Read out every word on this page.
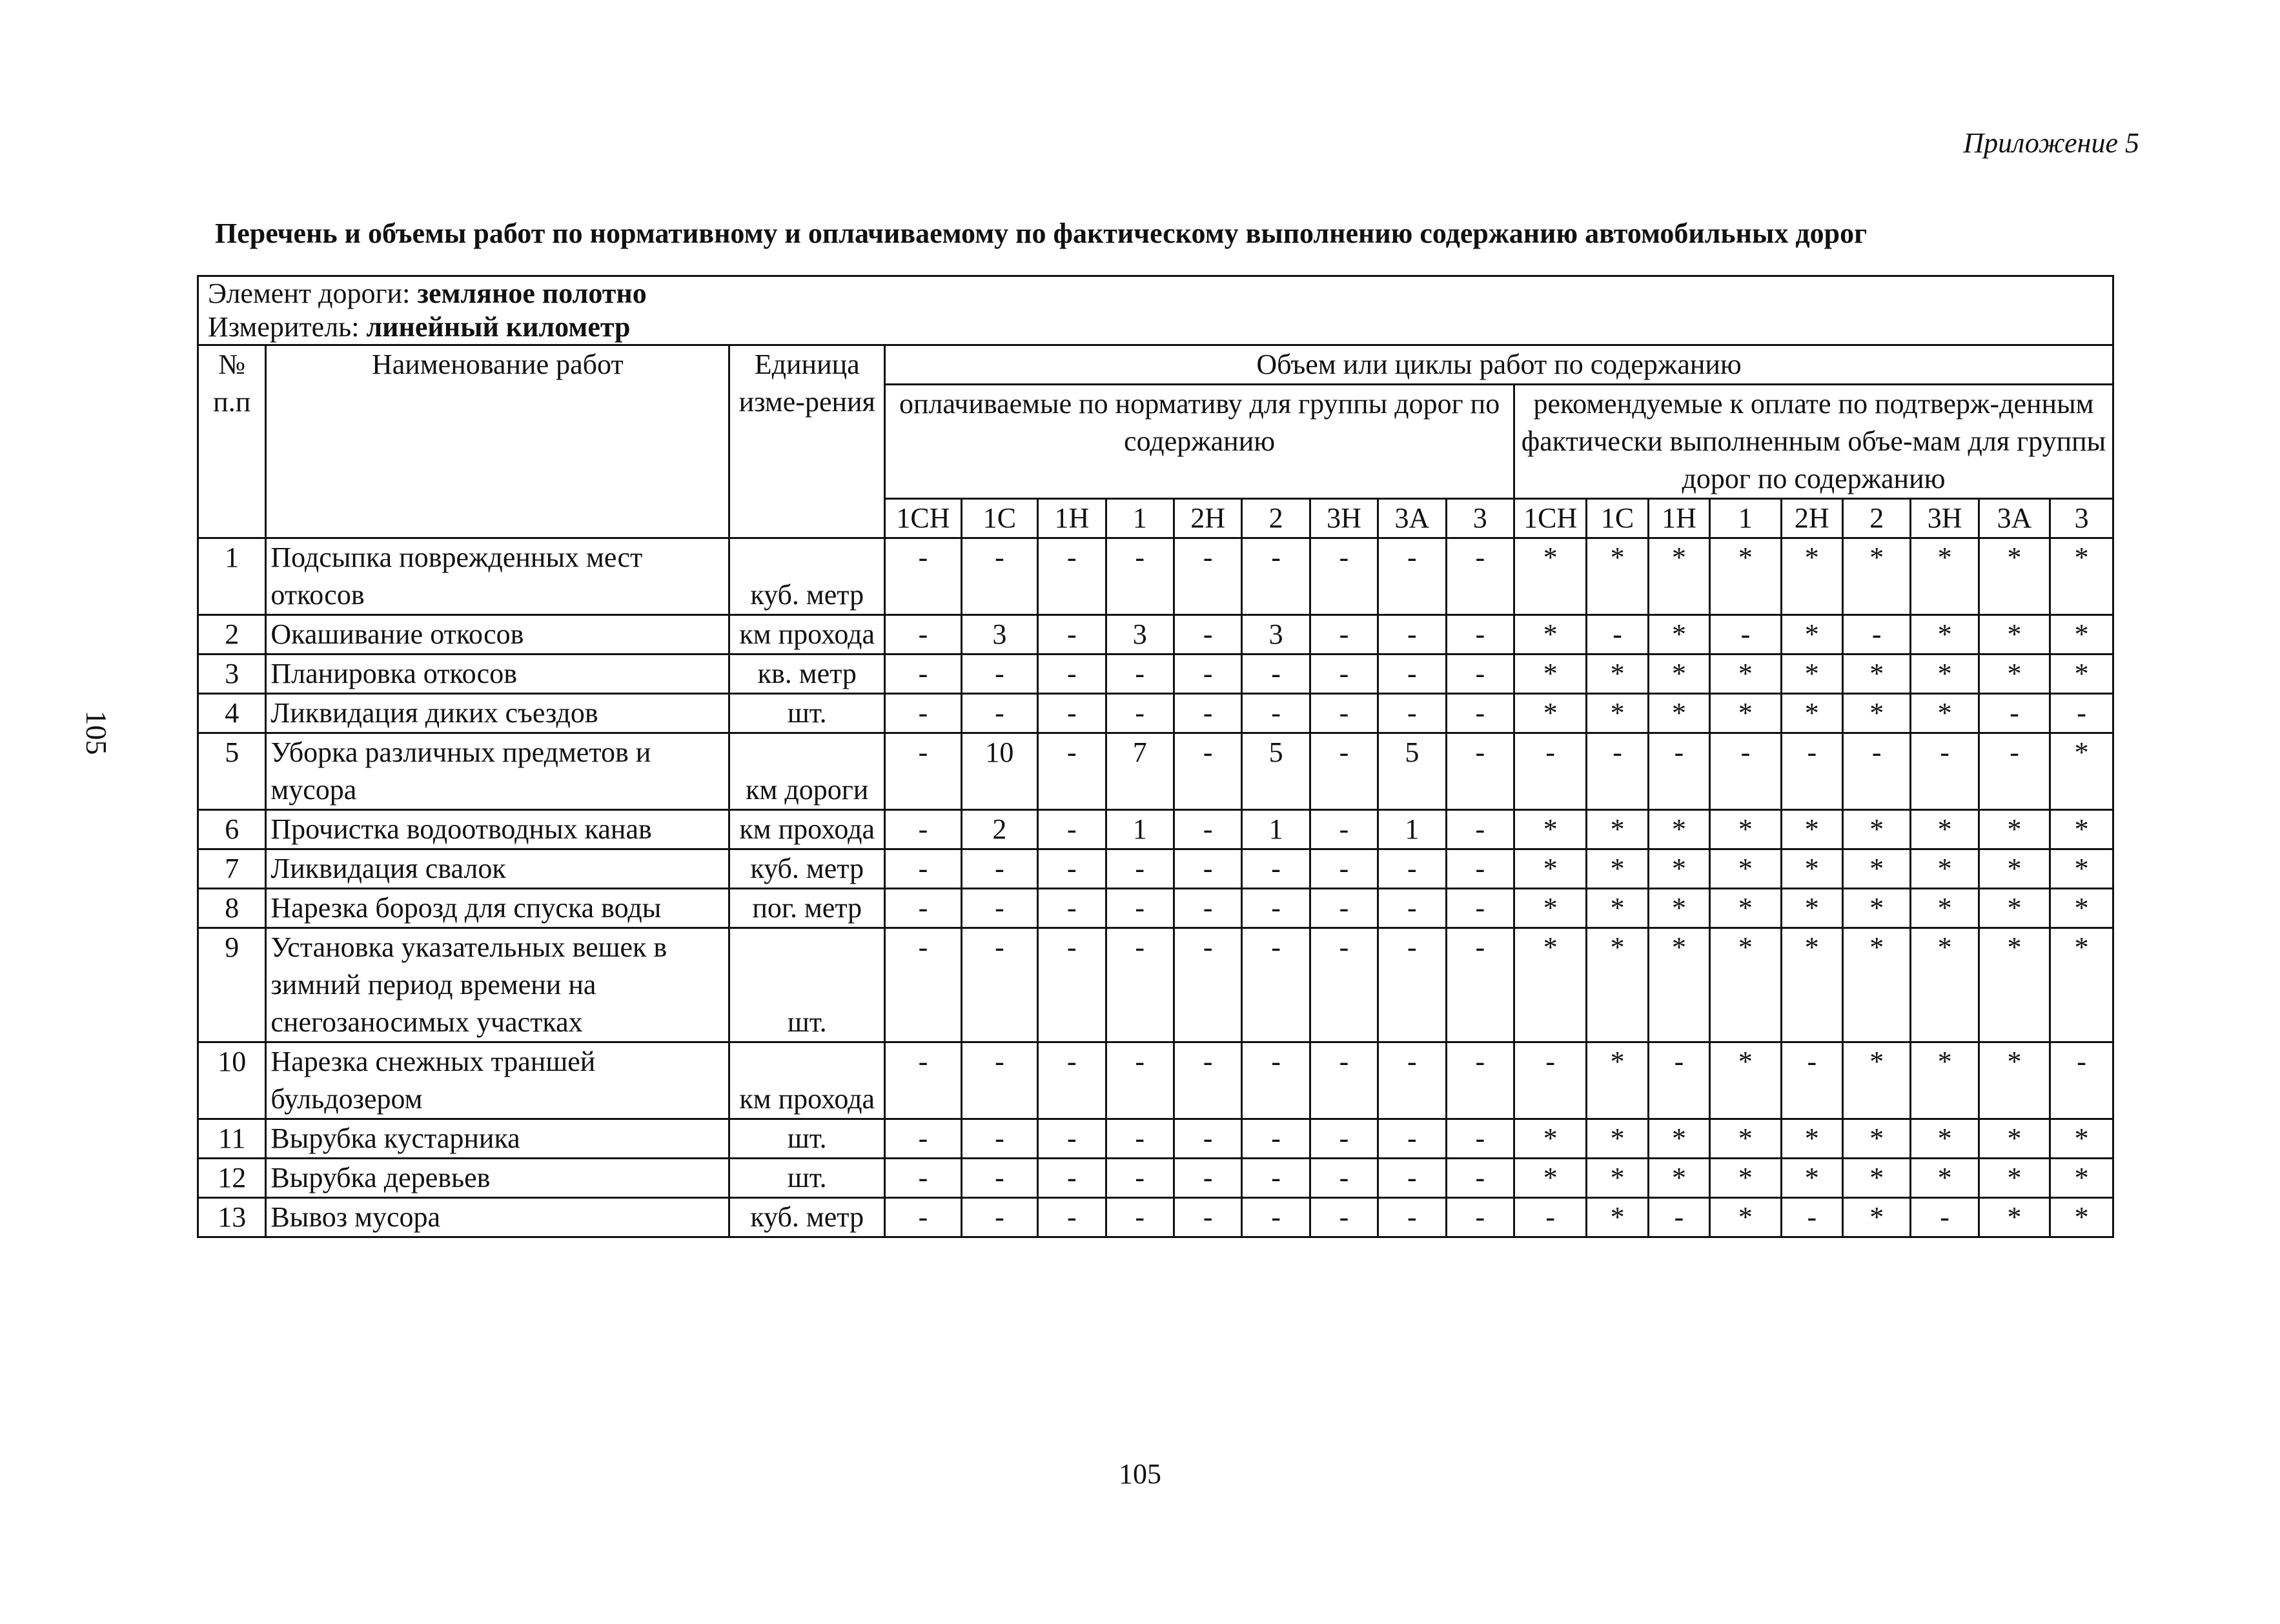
Приложение 5
Перечень и объемы работ по нормативному и оплачиваемому по фактическому выполнению содержанию автомобильных дорог
105
Элемент дороги: земляное полотно
Измеритель: линейный километр																				

№ п.п	Наименование работ	Единица изме-рения	Объем или циклы работ по содержанию																	
			оплачиваемые по нормативу для группы дорог по содержанию									рекомендуемые к оплате по подтверж-денным фактически выполненным объе-мам для группы дорог по содержанию								
			1СН	1С	1Н	1	2Н	2	3Н	3А	3	1СН	1С	1Н	1	2Н	2	3Н	3А	3
1	Подсыпка поврежденных мест откосов	куб. метр	-	-	-	-	-	-	-	-	-	*	*	*	*	*	*	*	*	*
2	Окашивание откосов	км прохода	-	3	-	3	-	3	-	-	-	*	-	*	-	*	-	*	*	*
3	Планировка откосов	кв. метр	-	-	-	-	-	-	-	-	-	*	*	*	*	*	*	*	*	*
4	Ликвидация диких съездов	шт.	-	-	-	-	-	-	-	-	-	*	*	*	*	*	*	*	-	-
5	Уборка различных предметов и мусора	км дороги	-	10	-	7	-	5	-	5	-	-	-	-	-	-	-	-	-	*
6	Прочистка водоотводных канав	км прохода	-	2	-	1	-	1	-	1	-	*	*	*	*	*	*	*	*	*
7	Ликвидация свалок	куб. метр	-	-	-	-	-	-	-	-	-	*	*	*	*	*	*	*	*	*
8	Нарезка борозд для спуска воды	пог. метр	-	-	-	-	-	-	-	-	-	*	*	*	*	*	*	*	*	*
9	Установка указательных вешек в зимний период времени на снегозаносимых участках	шт.	-	-	-	-	-	-	-	-	-	*	*	*	*	*	*	*	*	*
10	Нарезка снежных траншей бульдозером	км прохода	-	-	-	-	-	-	-	-	-	-	*	-	*	-	*	*	*	-
11	Вырубка кустарника	шт.	-	-	-	-	-	-	-	-	-	*	*	*	*	*	*	*	*	*
12	Вырубка деревьев	шт.	-	-	-	-	-	-	-	-	-	*	*	*	*	*	*	*	*	*
13	Вывоз мусора	куб. метр	-	-	-	-	-	-	-	-	-	-	*	-	*	-	*	-	*	*
105
